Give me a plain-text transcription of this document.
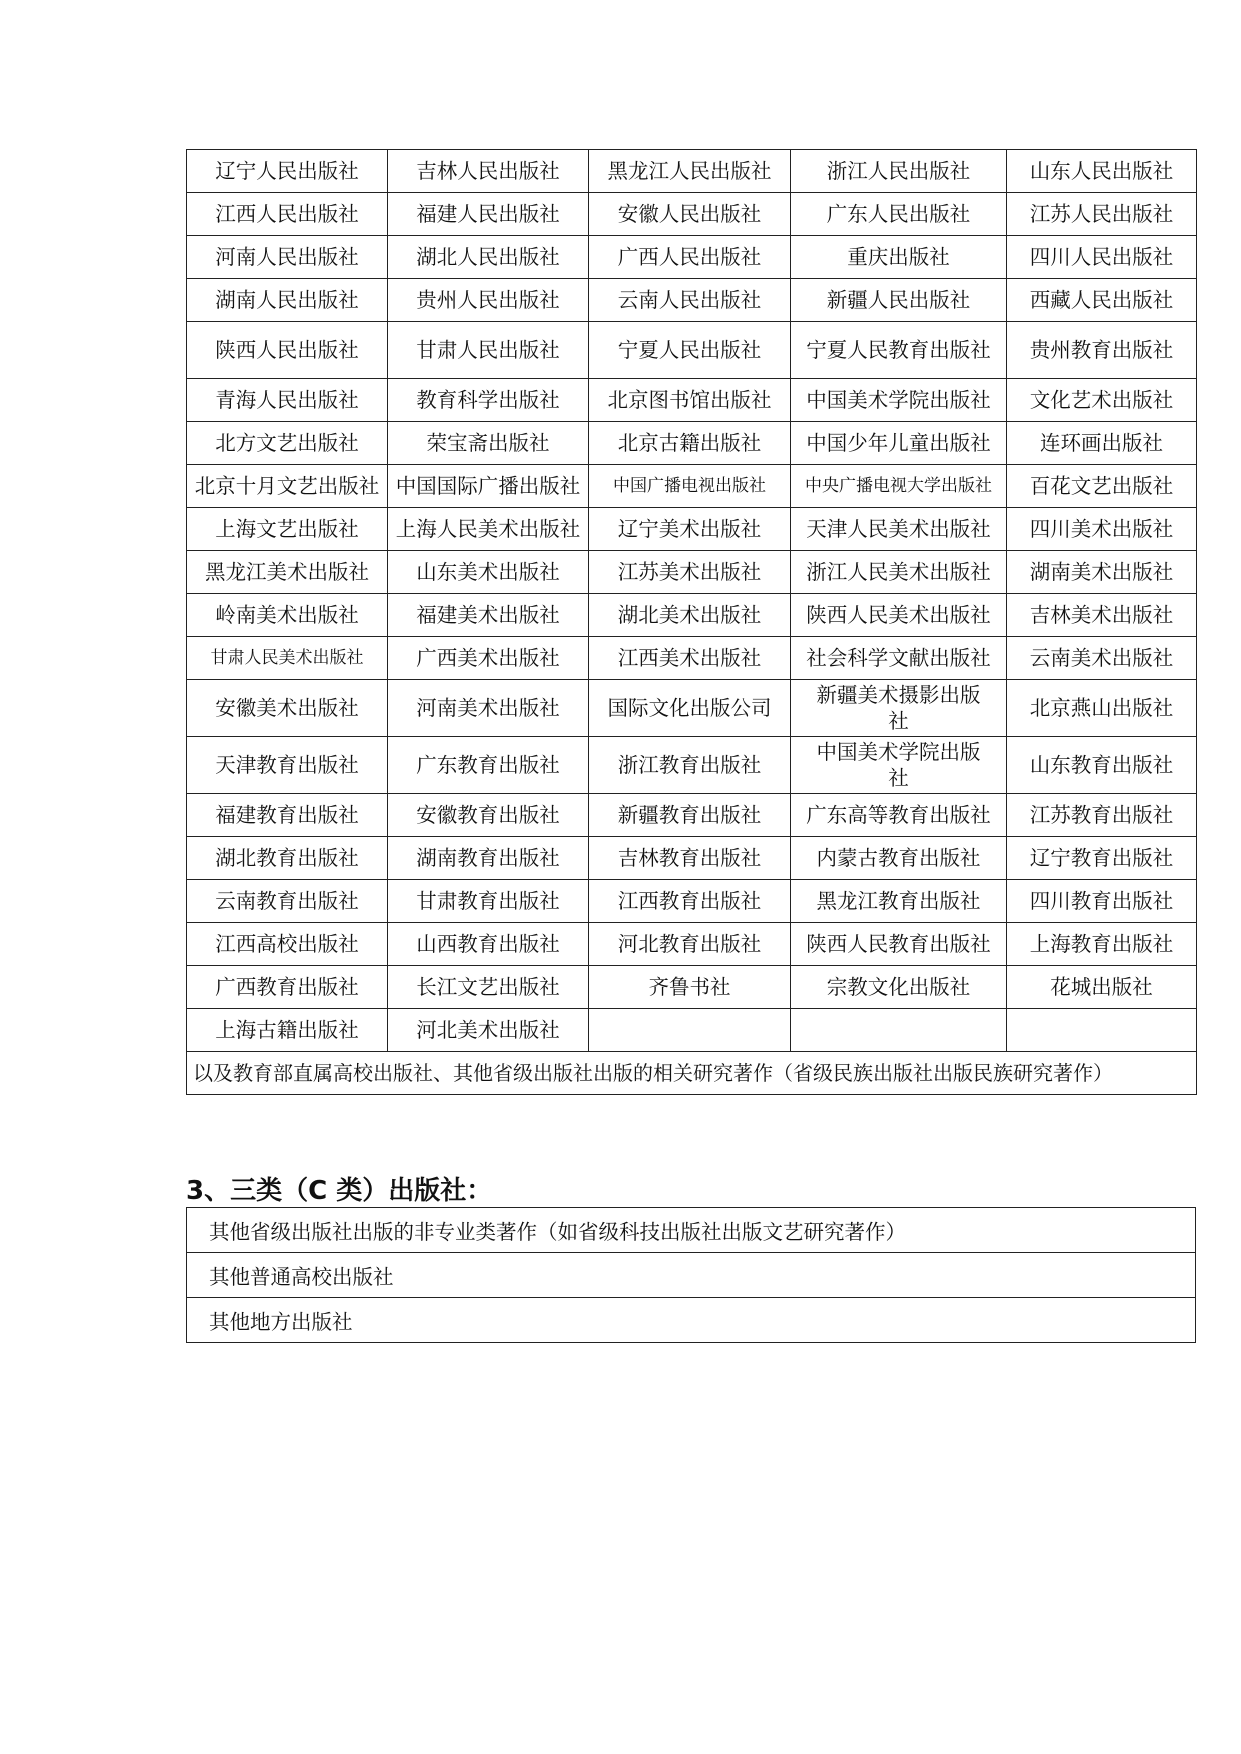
辽宁人民出版社	吉林人民出版社	黑龙江人民出版社	浙江人民出版社	山东人民出版社
江西人民出版社	福建人民出版社	安徽人民出版社	广东人民出版社	江苏人民出版社
河南人民出版社	湖北人民出版社	广西人民出版社	重庆出版社	四川人民出版社
湖南人民出版社	贵州人民出版社	云南人民出版社	新疆人民出版社	西藏人民出版社
陕西人民出版社	甘肃人民出版社	宁夏人民出版社	宁夏人民教育出版社	贵州教育出版社
青海人民出版社	教育科学出版社	北京图书馆出版社	中国美术学院出版社	文化艺术出版社
北方文艺出版社	荣宝斋出版社	北京古籍出版社	中国少年儿童出版社	连环画出版社
北京十月文艺出版社	中国国际广播出版社	中国广播电视出版社	中央广播电视大学出版社	百花文艺出版社
上海文艺出版社	上海人民美术出版社	辽宁美术出版社	天津人民美术出版社	四川美术出版社
黑龙江美术出版社	山东美术出版社	江苏美术出版社	浙江人民美术出版社	湖南美术出版社
岭南美术出版社	福建美术出版社	湖北美术出版社	陕西人民美术出版社	吉林美术出版社
甘肃人民美术出版社	广西美术出版社	江西美术出版社	社会科学文献出版社	云南美术出版社
安徽美术出版社	河南美术出版社	国际文化出版公司	新疆美术摄影出版社	北京燕山出版社
天津教育出版社	广东教育出版社	浙江教育出版社	中国美术学院出版社	山东教育出版社
福建教育出版社	安徽教育出版社	新疆教育出版社	广东高等教育出版社	江苏教育出版社
湖北教育出版社	湖南教育出版社	吉林教育出版社	内蒙古教育出版社	辽宁教育出版社
云南教育出版社	甘肃教育出版社	江西教育出版社	黑龙江教育出版社	四川教育出版社
江西高校出版社	山西教育出版社	河北教育出版社	陕西人民教育出版社	上海教育出版社
广西教育出版社	长江文艺出版社	齐鲁书社	宗教文化出版社	花城出版社
上海古籍出版社	河北美术出版社			
以及教育部直属高校出版社、其他省级出版社出版的相关研究著作（省级民族出版社出版民族研究著作）				
3、三类（C 类）出版社：
其他省级出版社出版的非专业类著作（如省级科技出版社出版文艺研究著作）
其他普通高校出版社
其他地方出版社
